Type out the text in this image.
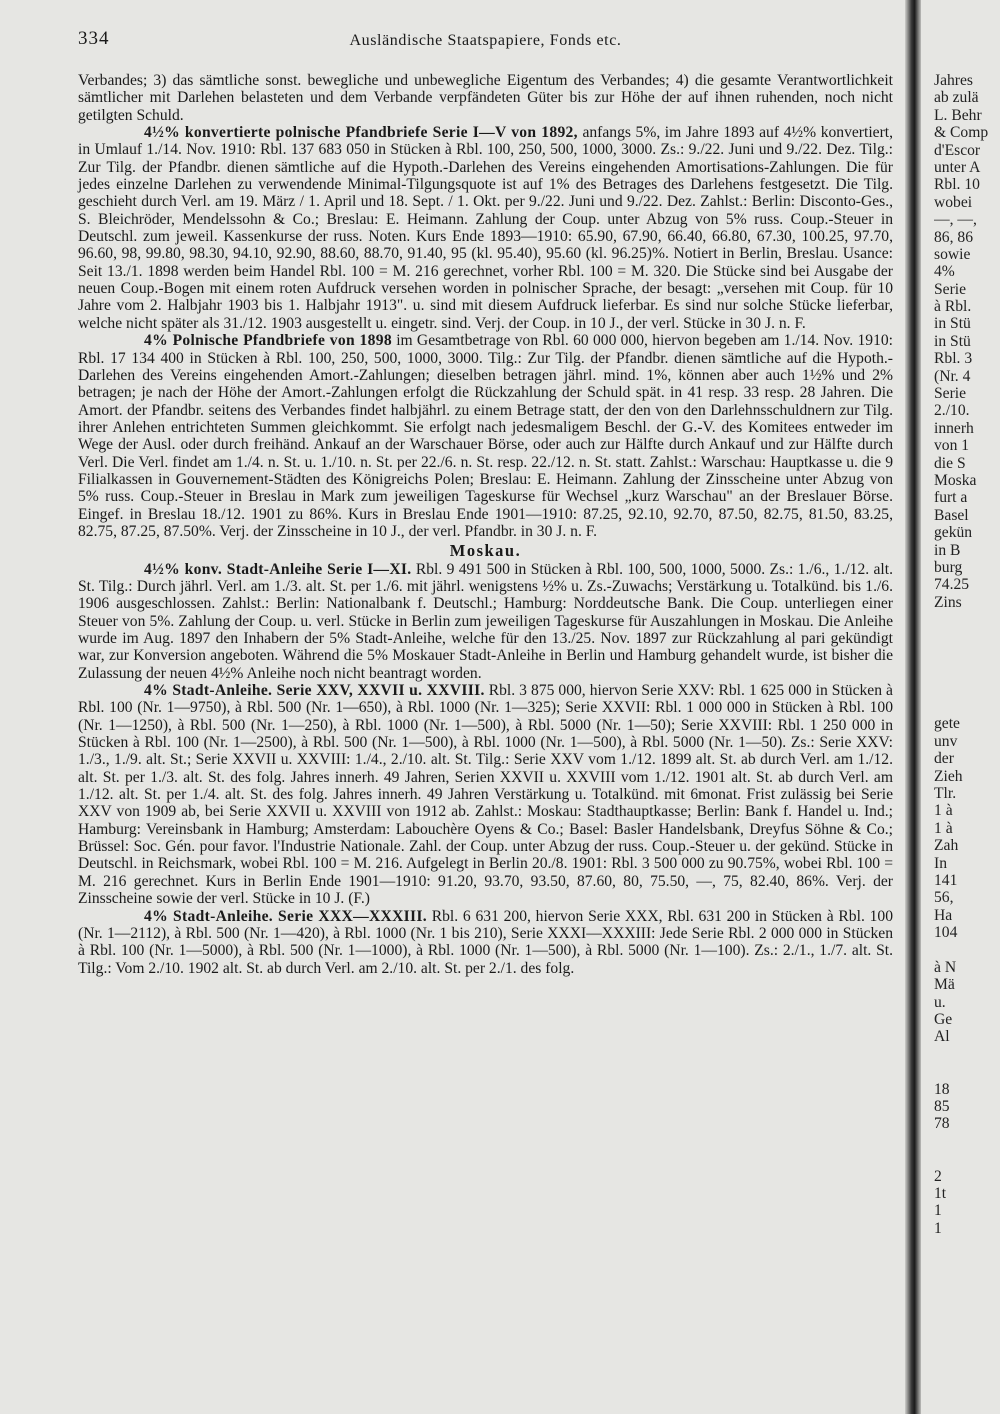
334	Ausländische Staatspapiere, Fonds etc.

Verbandes; 3) das sämtliche sonst. bewegliche und unbewegliche Eigentum des Verbandes; 4) die gesamte Verantwortlichkeit sämtlicher mit Darlehen belasteten und dem Verbande verpfändeten Güter bis zur Höhe der auf ihnen ruhenden, noch nicht getilgten Schuld.

4½% konvertierte polnische Pfandbriefe Serie I—V von 1892, anfangs 5%, im Jahre 1893 auf 4½% konvertiert, in Umlauf 1./14. Nov. 1910: Rbl. 137 683 050 in Stücken à Rbl. 100, 250, 500, 1000, 3000. Zs.: 9./22. Juni und 9./22. Dez. Tilg.: Zur Tilg. der Pfandbr. dienen sämtliche auf die Hypoth.-Darlehen des Vereins eingehenden Amortisations-Zahlungen. Die für jedes einzelne Darlehen zu verwendende Minimal-Tilgungsquote ist auf 1% des Betrages des Darlehens festgesetzt. Die Tilg. geschieht durch Verl. am 19. März / 1. April und 18. Sept. / 1. Okt. per 9./22. Juni und 9./22. Dez. Zahlst.: Berlin: Disconto-Ges., S. Bleichröder, Mendelssohn & Co.; Breslau: E. Heimann. Zahlung der Coup. unter Abzug von 5% russ. Coup.-Steuer in Deutschl. zum jeweil. Kassenkurse der russ. Noten. Kurs Ende 1893—1910: 65.90, 67.90, 66.40, 66.80, 67.30, 100.25, 97.70, 96.60, 98, 99.80, 98.30, 94.10, 92.90, 88.60, 88.70, 91.40, 95 (kl. 95.40), 95.60 (kl. 96.25)%. Notiert in Berlin, Breslau. Usance: Seit 13./1. 1898 werden beim Handel Rbl. 100 = M. 216 gerechnet, vorher Rbl. 100 = M. 320. Die Stücke sind bei Ausgabe der neuen Coup.-Bogen mit einem roten Aufdruck versehen worden in polnischer Sprache, der besagt: „versehen mit Coup. für 10 Jahre vom 2. Halbjahr 1903 bis 1. Halbjahr 1913". u. sind mit diesem Aufdruck lieferbar. Es sind nur solche Stücke lieferbar, welche nicht später als 31./12. 1903 ausgestellt u. eingetr. sind. Verj. der Coup. in 10 J., der verl. Stücke in 30 J. n. F.

4% Polnische Pfandbriefe von 1898 im Gesamtbetrage von Rbl. 60 000 000, hiervon begeben am 1./14. Nov. 1910: Rbl. 17 134 400 in Stücken à Rbl. 100, 250, 500, 1000, 3000. Tilg.: Zur Tilg. der Pfandbr. dienen sämtliche auf die Hypoth.-Darlehen des Vereins eingehenden Amort.-Zahlungen; dieselben betragen jährl. mind. 1%, können aber auch 1½% und 2% betragen; je nach der Höhe der Amort.-Zahlungen erfolgt die Rückzahlung der Schuld spät. in 41 resp. 33 resp. 28 Jahren. Die Amort. der Pfandbr. seitens des Verbandes findet halbjährl. zu einem Betrage statt, der den von den Darlehnsschuldnern zur Tilg. ihrer Anlehen entrichteten Summen gleichkommt. Sie erfolgt nach jedesmaligem Beschl. der G.-V. des Komitees entweder im Wege der Ausl. oder durch freihänd. Ankauf an der Warschauer Börse, oder auch zur Hälfte durch Ankauf und zur Hälfte durch Verl. Die Verl. findet am 1./4. n. St. u. 1./10. n. St. per 22./6. n. St. resp. 22./12. n. St. statt. Zahlst.: Warschau: Hauptkasse u. die 9 Filialkassen in Gouvernement-Städten des Königreichs Polen; Breslau: E. Heimann. Zahlung der Zinsscheine unter Abzug von 5% russ. Coup.-Steuer in Breslau in Mark zum jeweiligen Tageskurse für Wechsel „kurz Warschau" an der Breslauer Börse. Eingef. in Breslau 18./12. 1901 zu 86%. Kurs in Breslau Ende 1901—1910: 87.25, 92.10, 92.70, 87.50, 82.75, 81.50, 83.25, 82.75, 87.25, 87.50%. Verj. der Zinsscheine in 10 J., der verl. Pfandbr. in 30 J. n. F.

Moskau.

4½% konv. Stadt-Anleihe Serie I—XI. Rbl. 9 491 500 in Stücken à Rbl. 100, 500, 1000, 5000. Zs.: 1./6., 1./12. alt. St. Tilg.: Durch jährl. Verl. am 1./3. alt. St. per 1./6. mit jährl. wenigstens ½% u. Zs.-Zuwachs; Verstärkung u. Totalkünd. bis 1./6. 1906 ausgeschlossen. Zahlst.: Berlin: Nationalbank f. Deutschl.; Hamburg: Norddeutsche Bank. Die Coup. unterliegen einer Steuer von 5%. Zahlung der Coup. u. verl. Stücke in Berlin zum jeweiligen Tageskurse für Auszahlungen in Moskau. Die Anleihe wurde im Aug. 1897 den Inhabern der 5% Stadt-Anleihe, welche für den 13./25. Nov. 1897 zur Rückzahlung al pari gekündigt war, zur Konversion angeboten. Während die 5% Moskauer Stadt-Anleihe in Berlin und Hamburg gehandelt wurde, ist bisher die Zulassung der neuen 4½% Anleihe noch nicht beantragt worden.

4% Stadt-Anleihe. Serie XXV, XXVII u. XXVIII. Rbl. 3 875 000, hiervon Serie XXV: Rbl. 1 625 000 in Stücken à Rbl. 100 (Nr. 1—9750), à Rbl. 500 (Nr. 1—650), à Rbl. 1000 (Nr. 1—325); Serie XXVII: Rbl. 1 000 000 in Stücken à Rbl. 100 (Nr. 1—1250), à Rbl. 500 (Nr. 1—250), à Rbl. 1000 (Nr. 1—500), à Rbl. 5000 (Nr. 1—50); Serie XXVIII: Rbl. 1 250 000 in Stücken à Rbl. 100 (Nr. 1—2500), à Rbl. 500 (Nr. 1—500), à Rbl. 1000 (Nr. 1—500), à Rbl. 5000 (Nr. 1—50). Zs.: Serie XXV: 1./3., 1./9. alt. St.; Serie XXVII u. XXVIII: 1./4., 2./10. alt. St. Tilg.: Serie XXV vom 1./12. 1899 alt. St. ab durch Verl. am 1./12. alt. St. per 1./3. alt. St. des folg. Jahres innerh. 49 Jahren, Serien XXVII u. XXVIII vom 1./12. 1901 alt. St. ab durch Verl. am 1./12. alt. St. per 1./4. alt. St. des folg. Jahres innerh. 49 Jahren Verstärkung u. Totalkünd. mit 6monat. Frist zulässig bei Serie XXV von 1909 ab, bei Serie XXVII u. XXVIII von 1912 ab. Zahlst.: Moskau: Stadthauptkasse; Berlin: Bank f. Handel u. Ind.; Hamburg: Vereinsbank in Hamburg; Amsterdam: Labouchère Oyens & Co.; Basel: Basler Handelsbank, Dreyfus Söhne & Co.; Brüssel: Soc. Gén. pour favor. l'Industrie Nationale. Zahl. der Coup. unter Abzug der russ. Coup.-Steuer u. der gekünd. Stücke in Deutschl. in Reichsmark, wobei Rbl. 100 = M. 216. Aufgelegt in Berlin 20./8. 1901: Rbl. 3 500 000 zu 90.75%, wobei Rbl. 100 = M. 216 gerechnet. Kurs in Berlin Ende 1901—1910: 91.20, 93.70, 93.50, 87.60, 80, 75.50, —, 75, 82.40, 86%. Verj. der Zinsscheine sowie der verl. Stücke in 10 J. (F.)

4% Stadt-Anleihe. Serie XXX—XXXIII. Rbl. 6 631 200, hiervon Serie XXX, Rbl. 631 200 in Stücken à Rbl. 100 (Nr. 1—2112), à Rbl. 500 (Nr. 1—420), à Rbl. 1000 (Nr. 1 bis 210), Serie XXXI—XXXIII: Jede Serie Rbl. 2 000 000 in Stücken à Rbl. 100 (Nr. 1—5000), à Rbl. 500 (Nr. 1—1000), à Rbl. 1000 (Nr. 1—500), à Rbl. 5000 (Nr. 1—100). Zs.: 2./1., 1./7. alt. St. Tilg.: Vom 2./10. 1902 alt. St. ab durch Verl. am 2./10. alt. St. per 2./1. des folg.

Jahres
ab zulä
L. Behr
& Comp
d'Escor
unter A
Rbl. 10
wobei
—, —,
86, 86
sowie
4%
Serie
à Rbl.
in Stü
in Stü
Rbl. 3
(Nr. 4
Serie
2./10.
innerh
von 1
die S
Moska
furt a
Basel
gekün
in B
burg
74.25
Zins
gete
unv
der
Zieh
Tlr.
1 à
1 à
Zah
In
141
56,
Ha
104
à N
Mä
u.
Ge
Al
18
85
78
2
1t
1
1
